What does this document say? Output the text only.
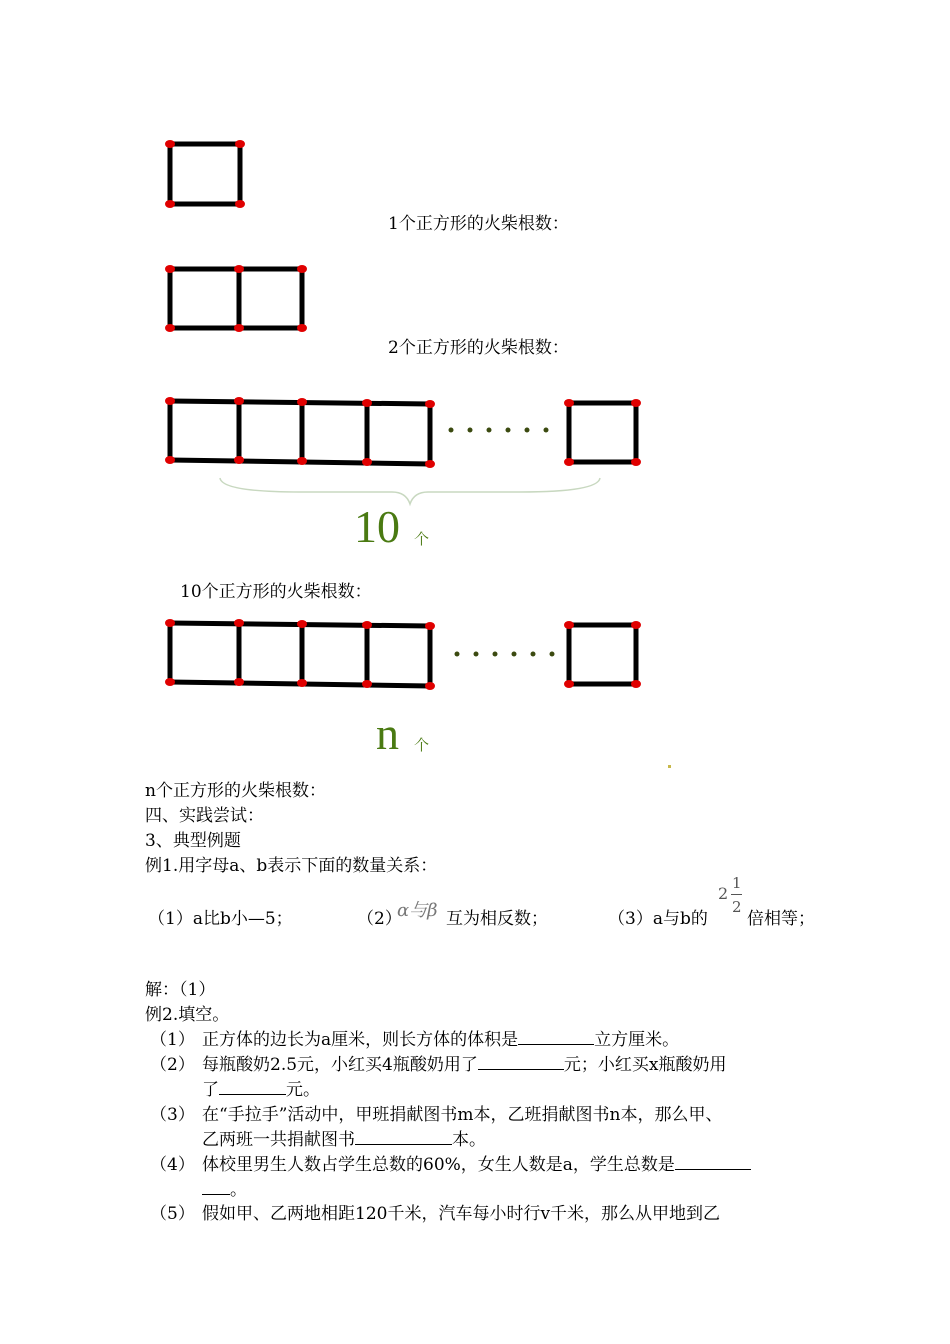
1个正方形的火柴根数：
2个正方形的火柴根数：
10 个
10个正方形的火柴根数：
n 个
n个正方形的火柴根数：
四、实践尝试：
3、典型例题
例1.用字母a、b表示下面的数量关系：
（1）a比b小—5；	（2）
α与β 互为相反数；	（3）a与b的
2
1
2
倍相等；
解：（1）
例2.填空。
（1） 正方体的边长为a厘米，则长方体的体积是	立方厘米。
（2） 每瓶酸奶2.5元，小红买4瓶酸奶用了	元；小红买x瓶酸奶用
了	元。
（3） 在“手拉手”活动中，甲班捐献图书m本，乙班捐献图书n本，那么甲、
乙两班一共捐献图书	本。
（4） 体校里男生人数占学生总数的60%，女生人数是a，学生总数是
。
（5） 假如甲、乙两地相距120千米，汽车每小时行v千米，那么从甲地到乙
